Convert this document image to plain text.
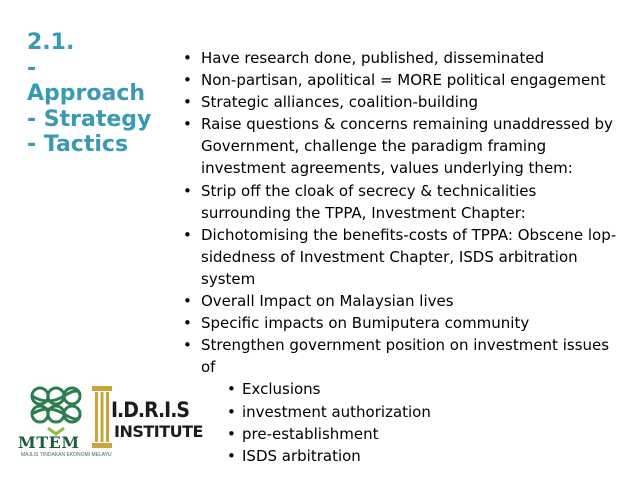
2.1.
-
Approach
- Strategy
- Tactics
• Have research done, published, disseminated
• Non-partisan, apolitical = MORE political engagement
• Strategic alliances, coalition-building
• Raise questions & concerns remaining unaddressed by Government, challenge the paradigm framing investment agreements, values underlying them:
• Strip off the cloak of secrecy & technicalities surrounding the TPPA, Investment Chapter:
• Dichotomising the benefits-costs of TPPA: Obscene lop-sidedness of Investment Chapter, ISDS arbitration system
• Overall Impact on Malaysian lives
• Specific impacts on Bumiputera community
• Strengthen government position on investment issues of
• Exclusions
• investment authorization
• pre-establishment
• ISDS arbitration
MTEM
MAJLIS TINDAKAN EKONOMI MELAYU
I.D.R.I.S
INSTITUTE
